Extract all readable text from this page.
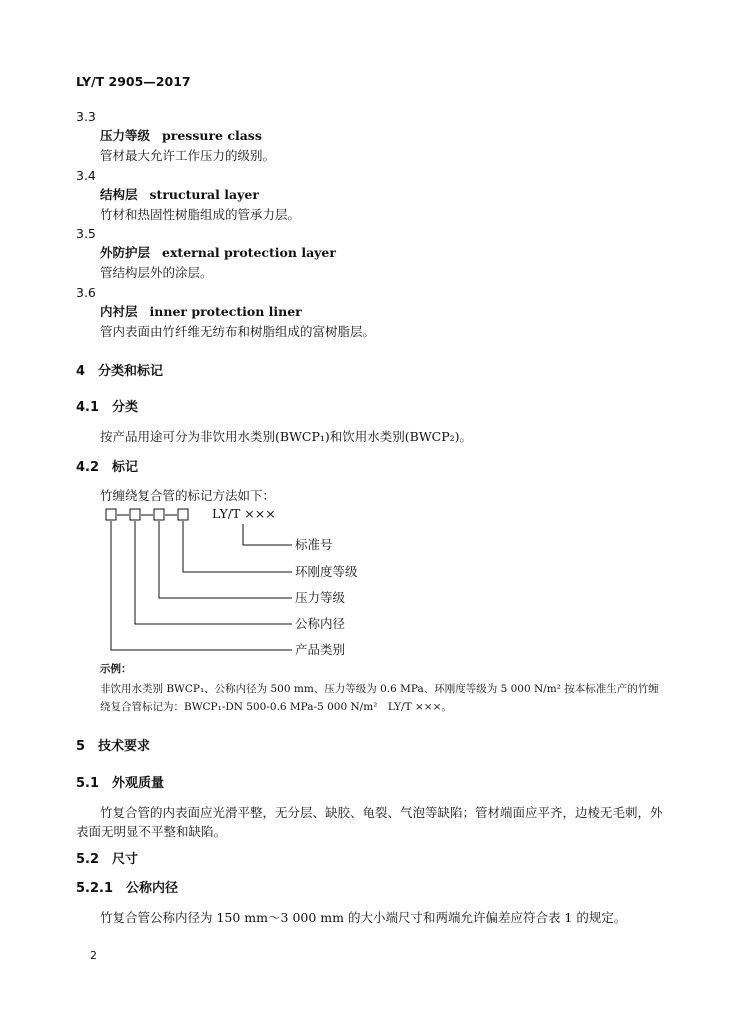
LY/T 2905—2017
3.3
压力等级 pressure class
管材最大允许工作压力的级别。
3.4
结构层 structural layer
竹材和热固性树脂组成的管承力层。
3.5
外防护层 external protection layer
管结构层外的涂层。
3.6
内衬层 inner protection liner
管内表面由竹纤维无纺布和树脂组成的富树脂层。
4　分类和标记
4.1　分类
按产品用途可分为非饮用水类别(BWCP₁)和饮用水类别(BWCP₂)。
4.2　标记
竹缠绕复合管的标记方法如下：
LY/T ×××
标准号
环刚度等级
压力等级
公称内径
产品类别
示例：
非饮用水类别 BWCP₁、公称内径为 500 mm、压力等级为 0.6 MPa、环刚度等级为 5 000 N/m² 按本标准生产的竹缠
绕复合管标记为：BWCP₁-DN 500-0.6 MPa-5 000 N/m²　LY/T ×××。
5　技术要求
5.1　外观质量
竹复合管的内表面应光滑平整，无分层、缺胶、龟裂、气泡等缺陷；管材端面应平齐，边棱无毛刺，外
表面无明显不平整和缺陷。
5.2　尺寸
5.2.1　公称内径
竹复合管公称内径为 150 mm～3 000 mm 的大小端尺寸和两端允许偏差应符合表 1 的规定。
2
